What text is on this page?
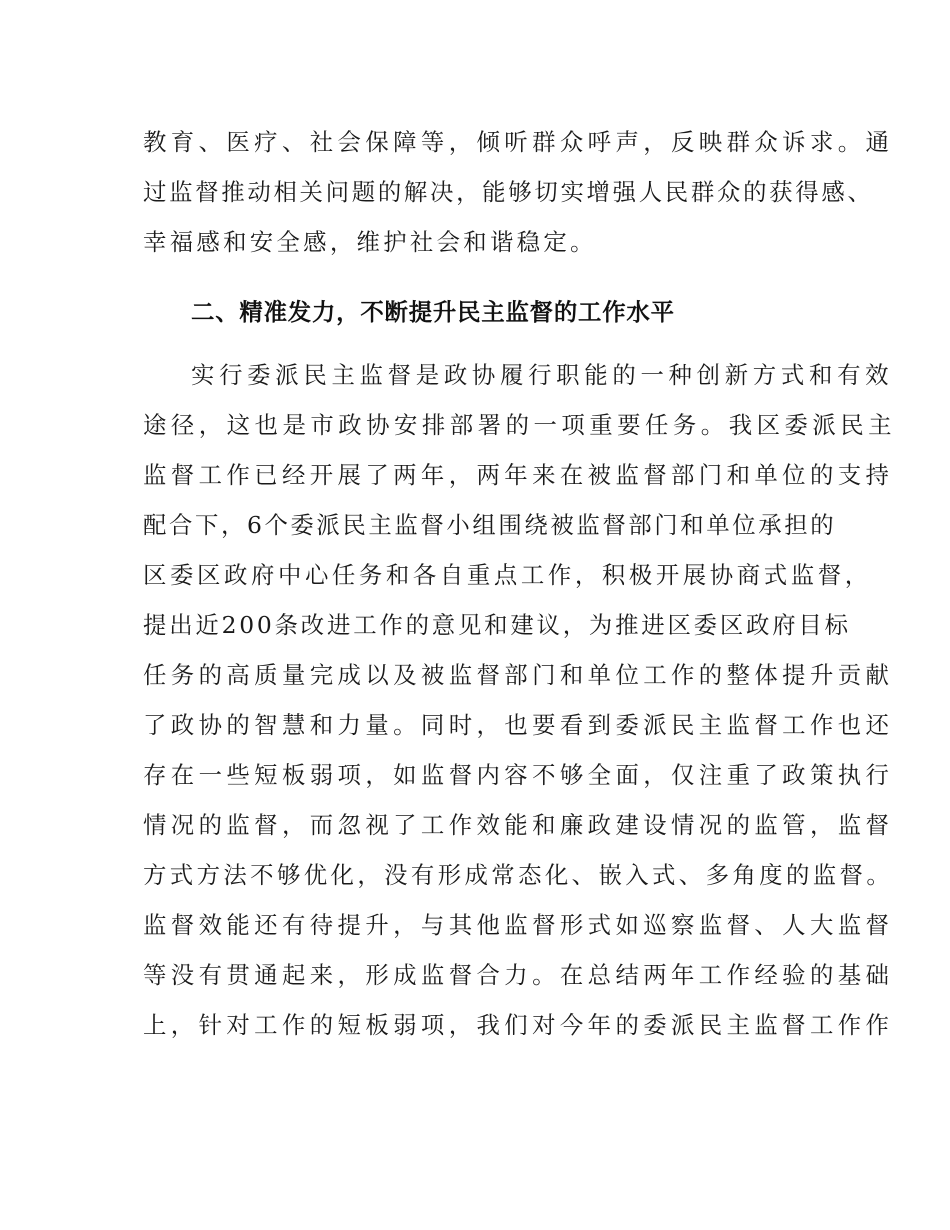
教育、医疗、社会保障等，倾听群众呼声，反映群众诉求。通
过监督推动相关问题的解决，能够切实增强人民群众的获得感、
幸福感和安全感，维护社会和谐稳定。
二、精准发力，不断提升民主监督的工作水平
实行委派民主监督是政协履行职能的一种创新方式和有效
途径，这也是市政协安排部署的一项重要任务。我区委派民主
监督工作已经开展了两年，两年来在被监督部门和单位的支持
配合下，6个委派民主监督小组围绕被监督部门和单位承担的
区委区政府中心任务和各自重点工作，积极开展协商式监督，
提出近200条改进工作的意见和建议，为推进区委区政府目标
任务的高质量完成以及被监督部门和单位工作的整体提升贡献
了政协的智慧和力量。同时，也要看到委派民主监督工作也还
存在一些短板弱项，如监督内容不够全面，仅注重了政策执行
情况的监督，而忽视了工作效能和廉政建设情况的监管，监督
方式方法不够优化，没有形成常态化、嵌入式、多角度的监督。
监督效能还有待提升，与其他监督形式如巡察监督、人大监督
等没有贯通起来，形成监督合力。在总结两年工作经验的基础
上，针对工作的短板弱项，我们对今年的委派民主监督工作作
